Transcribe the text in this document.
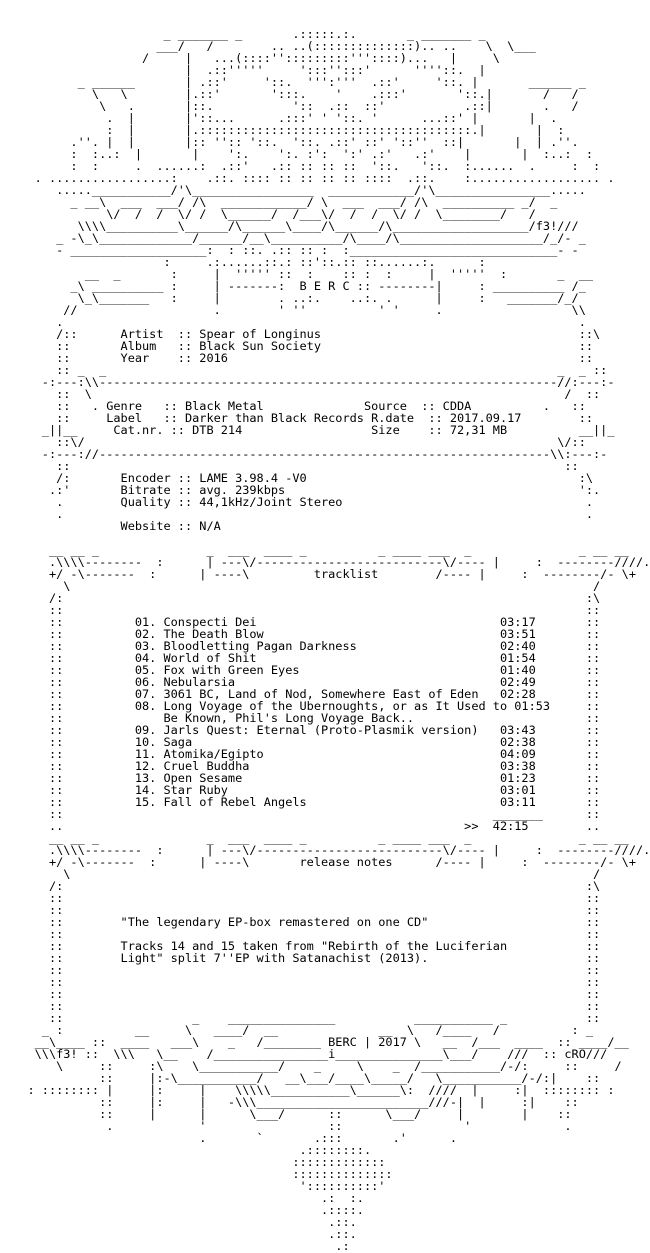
_ _______ _       .:::::.:.       _ _______ _
___/   /        .. ..(::::::::::::::).. ..    \  \___
/     |   ...(::::'':::::::::'''::::)...   |     \
|  .::'''''     ':::'':::'      ''''::.  |
_ ______       | .::'     '::.  ''':'''  .::'     '::. |       ______ _
\   \        |.::'       ':::.    '    .:::'       '::.|       /   /
\   .       |::.           '::  .::  ::'           .::|       .   /
.  |       |'::...      .:::' ' '::. '      ...::' |       |  .
:  |       |.::::::::::::::::::::::::::::::::::::::.|       |  :
.''. |  |       |:: '':: '::.  '::. .::' ::' '::''  ::|       |  | .''.
:  :..:  |       |    ':.    ':. :':  ':' .:'   .:'    |       |  :..:  :
:  :     .  ......:  .::'   .:: :: :: ::  '::.   '::.  :......  .     :  :
. .................:    .::. :::: :: :: :: :: ::::  .::.    :.................. .
.....___________/'\_________________  ____________/'\________________.....
_ __\  ___  ___/ /\  ____________/ \  ___  ___/ /\  __________ _/  _
\/  /  /  \/ /  \______/  /___\/  /  /  \/ /  \________/   /
\\\\__________\______/\______\____/\______/\___________________/f3!///
_ -\_\_____________/______/__\__________/\____/\____________________/_/- _
- ___________________:  : ::. .:: :: :  :_____________________________- -
:     .:......::.: ::'::.:: ::......:.      :
__  _       :     |  ''''' ::  :    :: :  :     |  '''''  :       _  __
_\ __________ :     | -------:  B E R C :: --------|     : __________ /_
\_\_______   :     |        . ..:.    ..:. .      |     :   _______/_/
//                   .        ' ''          ' '     .                  \\
.                                                                        .
/::      Artist  :: Spear of Longinus                                    ::\
::       Album   :: Black Sun Society                                    ::
::       Year    :: 2016                                                 ::
:: _  _                                                               _  _ ::
-:---:\\----------------------------------------------------------------//:---:-
::  \                                                                  /  ::
::   . Genre   :: Black Metal              Source  :: CDDA          .   ::
::     Label   :: Darker than Black Records R.date  :: 2017.09.17        ::
_||__     Cat.nr. :: DTB 214                  Size    :: 72,31 MB          __||_
::\/                                                                  \/::
-:---://---------------------------------------------------------------\\:---:-
::                                                                     ::
/:       Encoder :: LAME 3.98.4 -V0                                      :\
.:'       Bitrate :: avg. 239kbps                                         ':.
.        Quality :: 44,1kHz/Joint Stereo                                  .
.                                                                         .
Website :: N/A
__ __ _               _  ___  ____ _          _ ____ ___  _               _ __ __
.\\\\--------  :      | ---\/--------------------------\/---- |     :  --------////.
+/ -\-------  :      | ----\         tracklist        /---- |     :  --------/- \+
\                                                                         /
/:                                                                         :\
::                                                                         ::
::          01. Conspecti Dei                                  03:17       ::
::          02. The Death Blow                                 03:51       ::
::          03. Bloodletting Pagan Darkness                    02:40       ::
::          04. World of Shit                                  01:54       ::
::          05. Fox with Green Eyes                            01:40       ::
::          06. Nebularsia                                     02:49       ::
::          07. 3061 BC, Land of Nod, Somewhere East of Eden   02:28       ::
::          08. Long Voyage of the Ubernoughts, or as It Used to 01:53     ::
::              Be Known, Phil's Long Voyage Back..                        ::
::          09. Jarls Quest: Eternal (Proto-Plasmik version)   03:43       ::
::          10. Saga                                           02:38       ::
::          11. Atomika/Egipto                                 04:09       ::
::          12. Cruel Buddha                                   03:38       ::
::          13. Open Sesame                                    01:23       ::
::          14. Star Ruby                                      03:01       ::
::          15. Fall of Rebel Angels                           03:11       ::
::                                                            _______      ::
..                                                        >>  42:15        ..
__ __ _               _  ___  ____ _          _ ____ ___  _               _ __ __
.\\\\--------  :      | ---\/--------------------------\/---- |     :  --------////.
+/ -\-------  :      | ----\       release notes      /---- |     :  --------/- \+
\                                                                         /
/:                                                                         :\
::                                                                         ::
::                                                                         ::
::        "The legendary EP-box remastered on one CD"                      ::
::                                                                         ::
::        Tracks 14 and 15 taken from "Rebirth of the Luciferian           ::
::        Light" split 7''EP with Satanachist (2013).                      ::
::                                                                         ::
::                                                                         ::
::                                                                         ::
::                                                                         ::
::                  _    _______________           ___________ _           ::
_ :          __     \   ____/  __              __  \   /____   /          : _
__\____ ::  ____   ___\    _   /________ BERC | 2017 \   __  /___  ____  :: ____/__
\\\f3! ::  \\\   \__    /________________i_______________\___/    ///  :: cRO///
\     ::     :\    \___________/    _     \    _  /___________/-/:     ::     /
::     |:-\___________/   __\___/____\_____/   \___________/-/:|    ::
: :::::::: |     |:     |    \\\\\___________\______\:  ////  |     :|  :::::::: :
::     |:     |   -\\\________________________///-|  |     :|    ::
::     |      |      \___/      ::      \___/     |        |    ::
.            '                 ::                 '             .
.       `       .:::       .'      .
.::::::::.
:::::::::::::
::::::::::::::
'::::::::::'
.:  :.
.::::.
.::.
.::.
.:
